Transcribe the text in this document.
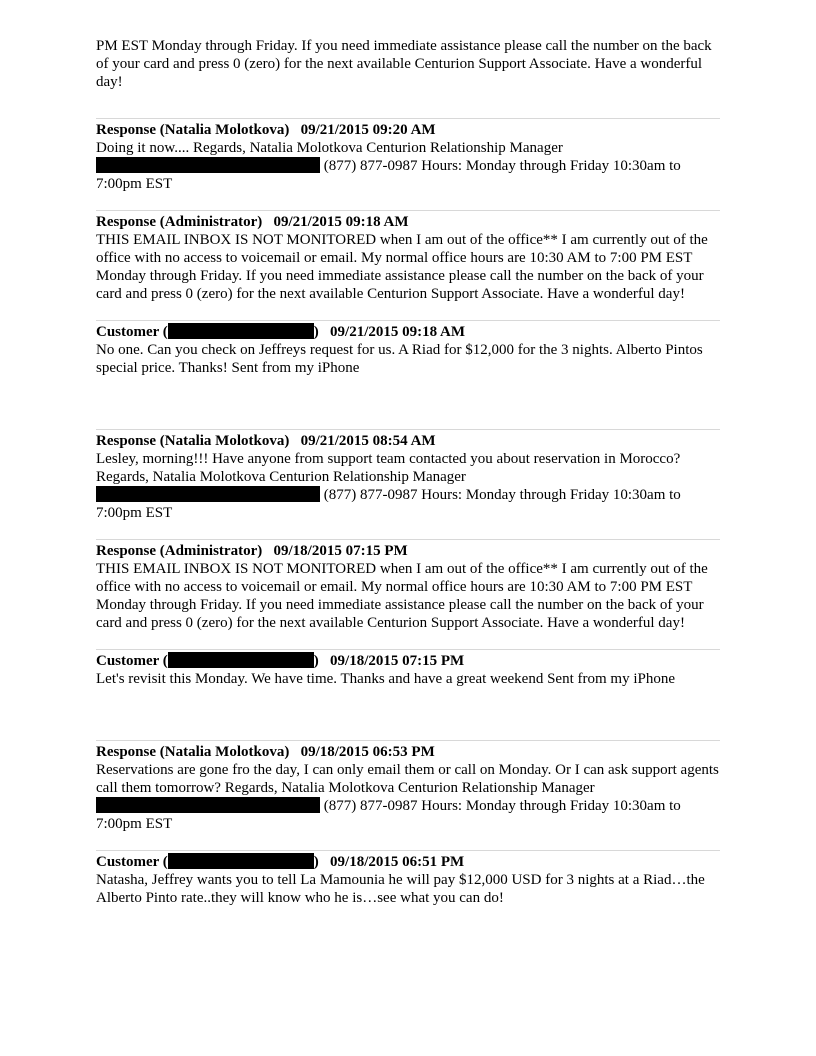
PM EST Monday through Friday. If you need immediate assistance please call the number on the back of your card and press 0 (zero) for the next available Centurion Support Associate. Have a wonderful day!

Response (Natalia Molotkova) 09/21/2015 09:20 AM

Doing it now.... Regards, Natalia Molotkova Centurion Relationship Manager
(877) 877-0987 Hours: Monday through Friday 10:30am to
7:00pm EST

Response (Administrator) 09/21/2015 09:18 AM

THIS EMAIL INBOX IS NOT MONITORED when I am out of the office** I am currently out of the office with no access to voicemail or email. My normal office hours are 10:30 AM to 7:00 PM EST Monday through Friday. If you need immediate assistance please call the number on the back of your card and press 0 (zero) for the next available Centurion Support Associate. Have a wonderful day!

Customer (	) 09/21/2015 09:18 AM

No one. Can you check on Jeffreys request for us. A Riad for $12,000 for the 3 nights. Alberto Pintos special price. Thanks! Sent from my iPhone

Response (Natalia Molotkova) 09/21/2015 08:54 AM

Lesley, morning!!! Have anyone from support team contacted you about reservation in Morocco? Regards, Natalia Molotkova Centurion Relationship Manager
(877) 877-0987 Hours: Monday through Friday 10:30am to
7:00pm EST

Response (Administrator) 09/18/2015 07:15 PM

THIS EMAIL INBOX IS NOT MONITORED when I am out of the office** I am currently out of the office with no access to voicemail or email. My normal office hours are 10:30 AM to 7:00 PM EST Monday through Friday. If you need immediate assistance please call the number on the back of your card and press 0 (zero) for the next available Centurion Support Associate. Have a wonderful day!

Customer (	) 09/18/2015 07:15 PM

Let's revisit this Monday. We have time. Thanks and have a great weekend Sent from my iPhone

Response (Natalia Molotkova) 09/18/2015 06:53 PM

Reservations are gone fro the day, I can only email them or call on Monday. Or I can ask support agents call them tomorrow? Regards, Natalia Molotkova Centurion Relationship Manager
(877) 877-0987 Hours: Monday through Friday 10:30am to
7:00pm EST

Customer (	) 09/18/2015 06:51 PM

Natasha, Jeffrey wants you to tell La Mamounia he will pay $12,000 USD for 3 nights at a Riad…the Alberto Pinto rate..they will know who he is…see what you can do!
